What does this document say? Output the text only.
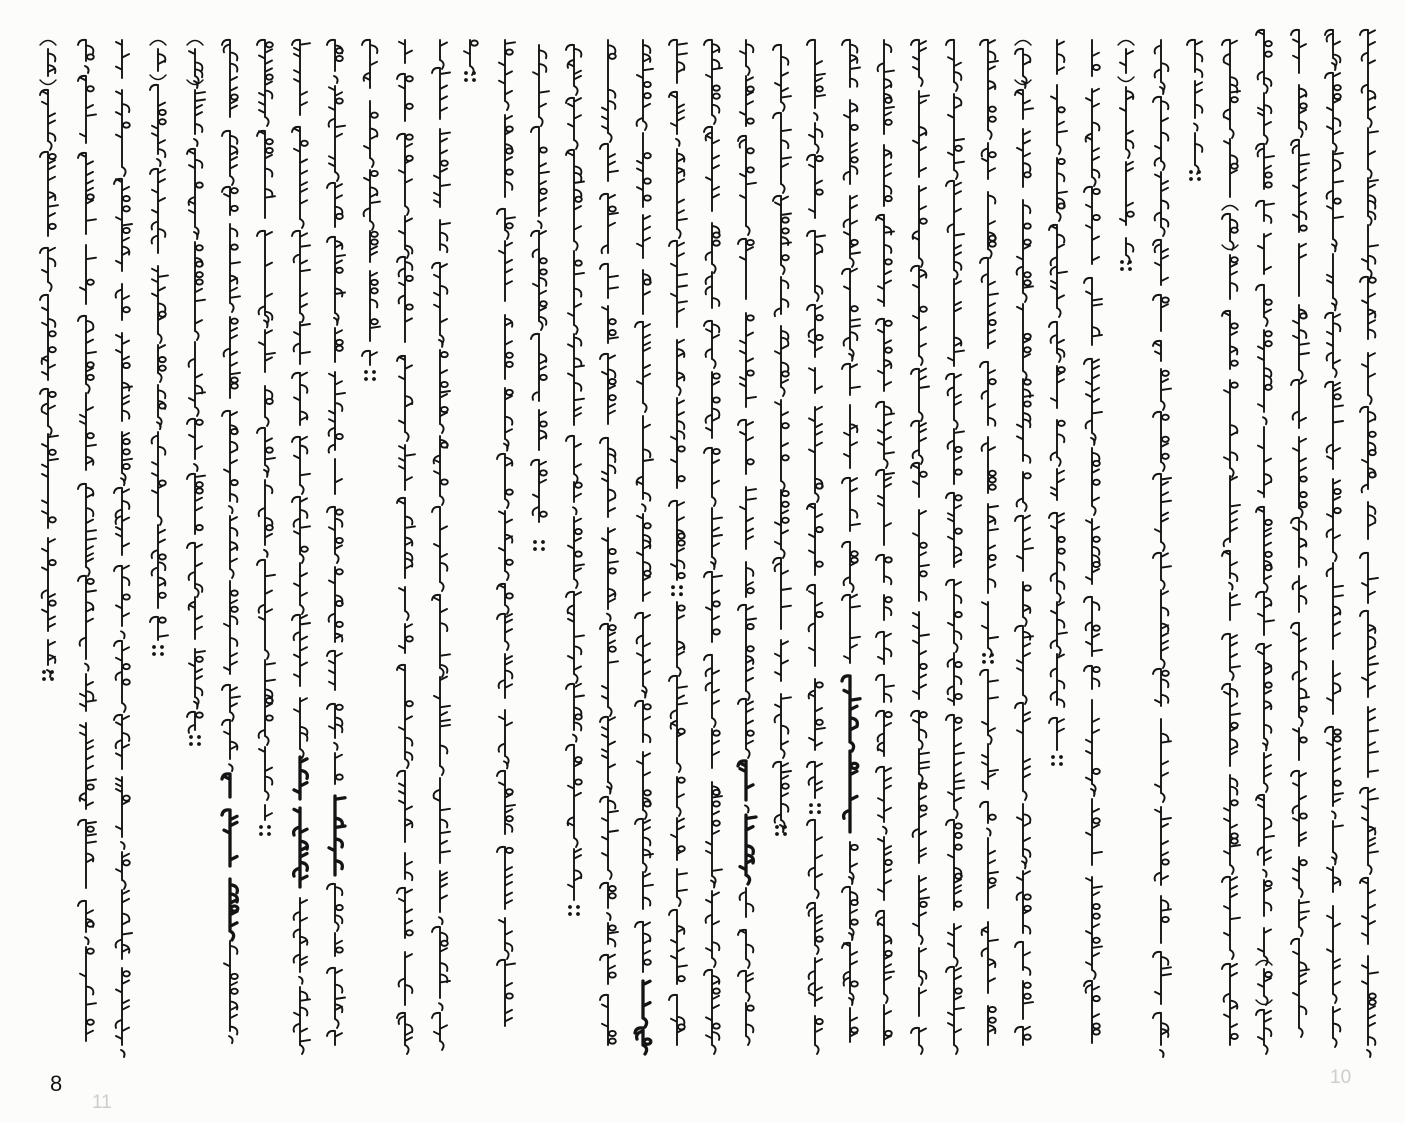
8	10
11
